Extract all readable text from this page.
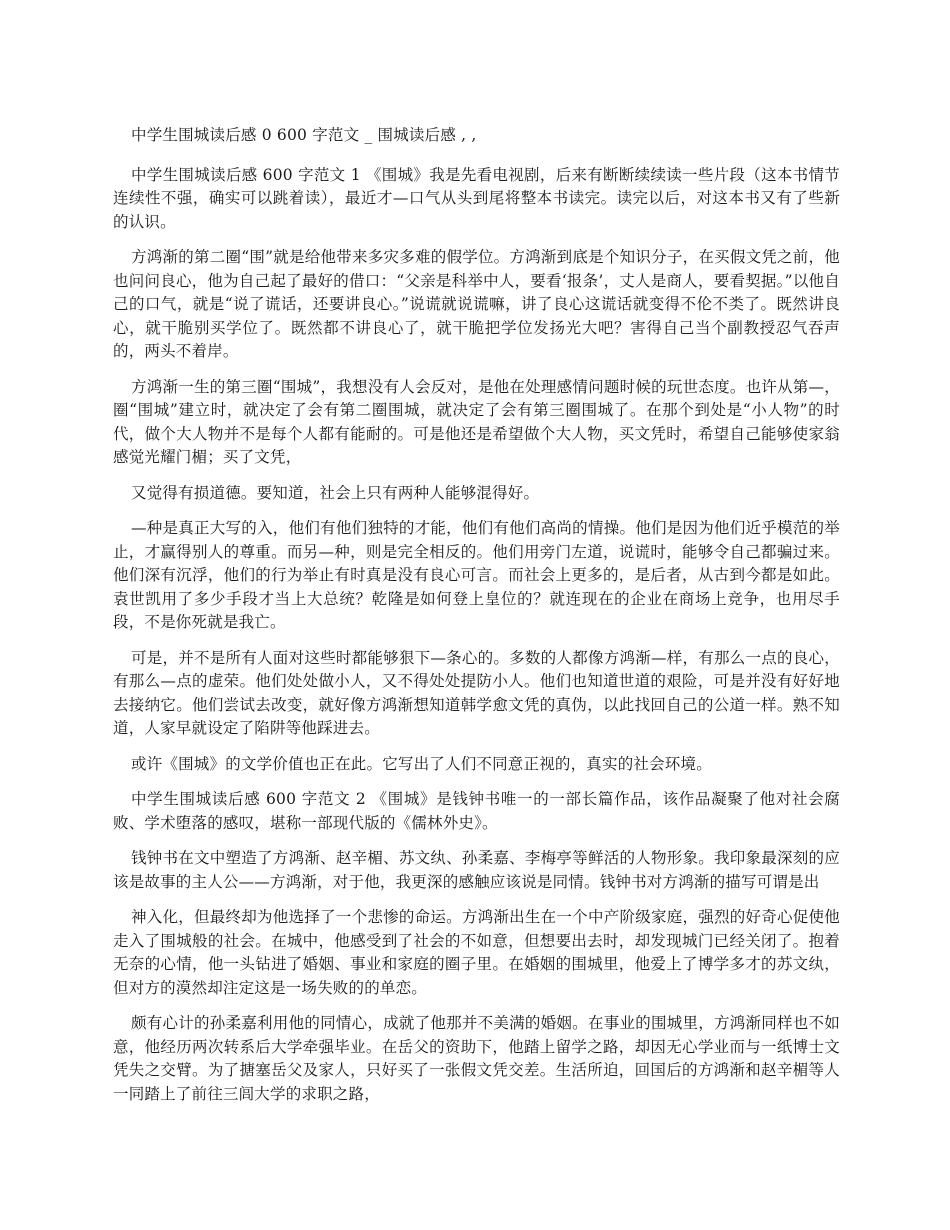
中学生围城读后感 0 600 字范文 _ 围城读后感 , ,

中学生围城读后感 600 字范文 1 《围城》我是先看电视剧，后来有断断续续读一些片段（这本书情节连续性不强，确实可以跳着读），最近才—口气从头到尾将整本书读完。读完以后，对这本书又有了些新的认识。

方鸿渐的第二圈“围”就是给他带来多灾多难的假学位。方鸿渐到底是个知识分子，在买假文凭之前，他也问问良心，他为自己起了最好的借口：“父亲是科举中人，要看‘报条’，丈人是商人，要看契据。”以他自己的口气，就是“说了谎话，还要讲良心。”说谎就说谎嘛，讲了良心这谎话就变得不伦不类了。既然讲良心，就干脆别买学位了。既然都不讲良心了，就干脆把学位发扬光大吧？害得自己当个副教授忍气吞声的，两头不着岸。

方鸿渐一生的第三圈“围城”，我想没有人会反对，是他在处理感情问题时候的玩世态度。也许从第—，圈“围城”建立时，就决定了会有第二圈围城，就决定了会有第三圈围城了。在那个到处是“小人物”的时代，做个大人物并不是每个人都有能耐的。可是他还是希望做个大人物，买文凭时，希望自己能够使家翁感觉光耀门楣；买了文凭，

又觉得有损道德。要知道，社会上只有两种人能够混得好。

—种是真正大写的入，他们有他们独特的才能，他们有他们高尚的情操。他们是因为他们近乎模范的举止，才赢得别人的尊重。而另—种，则是完全相反的。他们用旁门左道，说谎时，能够令自己都骗过来。他们深有沉浮，他们的行为举止有时真是没有良心可言。而社会上更多的，是后者，从古到今都是如此。袁世凯用了多少手段才当上大总统？乾隆是如何登上皇位的？就连现在的企业在商场上竞争，也用尽手段，不是你死就是我亡。

可是，并不是所有人面对这些时都能够狠下—条心的。多数的人都像方鸿渐—样，有那么一点的良心，有那么—点的虚荣。他们处处做小人，又不得处处提防小人。他们也知道世道的艰险，可是并没有好好地去接纳它。他们尝试去改变，就好像方鸿渐想知道韩学愈文凭的真伪，以此找回自己的公道一样。熟不知道，人家早就设定了陷阱等他踩进去。

或许《围城》的文学价值也正在此。它写出了人们不同意正视的，真实的社会环境。

中学生围城读后感 600 字范文 2 《围城》是钱钟书唯一的一部长篇作品，该作品凝聚了他对社会腐败、学术堕落的感叹，堪称一部现代版的《儒林外史》。

钱钟书在文中塑造了方鸿渐、赵辛楣、苏文纨、孙柔嘉、李梅亭等鲜活的人物形象。我印象最深刻的应该是故事的主人公——方鸿渐，对于他，我更深的感触应该说是同情。钱钟书对方鸿渐的描写可谓是出

神入化，但最终却为他选择了一个悲惨的命运。方鸿渐出生在一个中产阶级家庭，强烈的好奇心促使他走入了围城般的社会。在城中，他感受到了社会的不如意，但想要出去时，却发现城门已经关闭了。抱着无奈的心情，他一头钻进了婚姻、事业和家庭的圈子里。在婚姻的围城里，他爱上了博学多才的苏文纨，但对方的漠然却注定这是一场失败的的单恋。

颇有心计的孙柔嘉利用他的同情心，成就了他那并不美满的婚姻。在事业的围城里，方鸿渐同样也不如意，他经历两次转系后大学牵强毕业。在岳父的资助下，他踏上留学之路，却因无心学业而与一纸博士文凭失之交臂。为了搪塞岳父及家人，只好买了一张假文凭交差。生活所迫，回国后的方鸿渐和赵辛楣等人一同踏上了前往三闾大学的求职之路，
